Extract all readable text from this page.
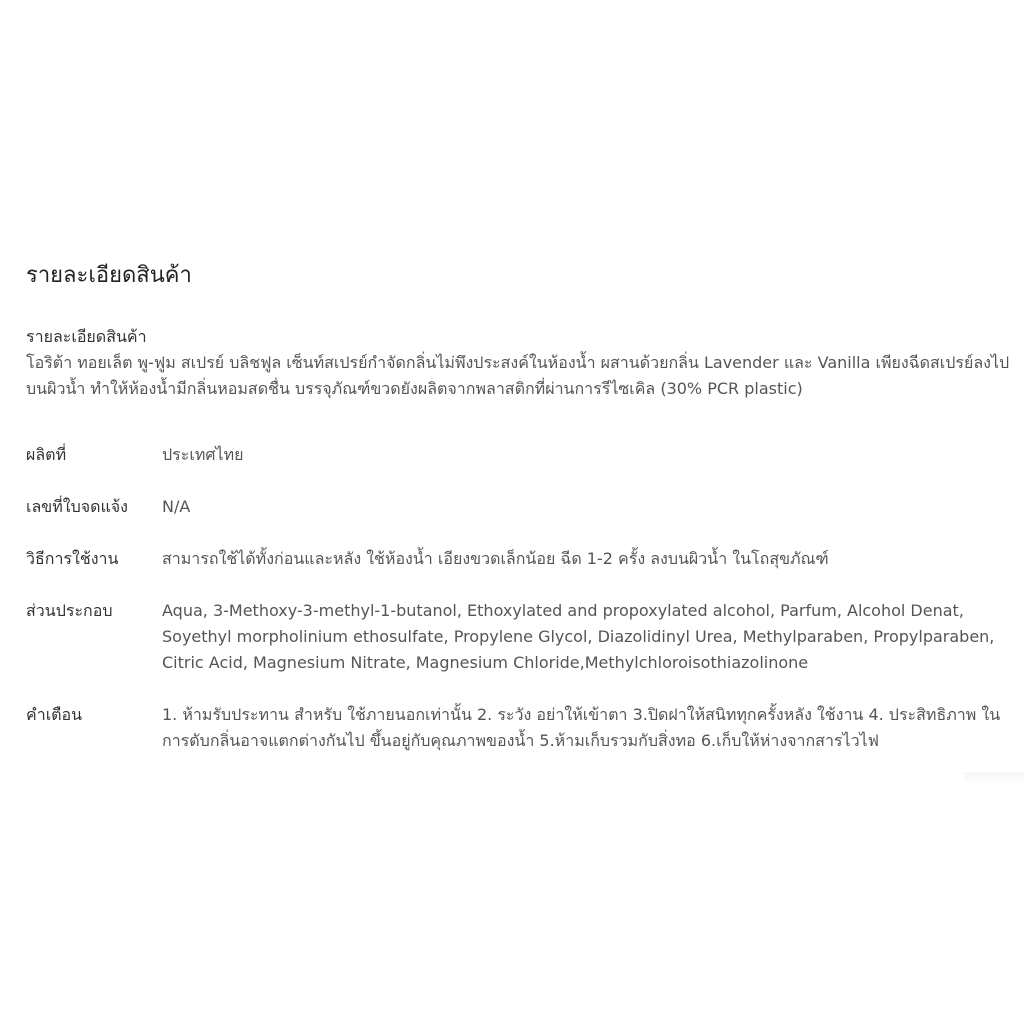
รายละเอียดสินค้า
รายละเอียดสินค้า

โอริต้า ทอยเล็ต พู-ฟูม สเปรย์ บลิชฟูล เซ็นท์สเปรย์กำจัดกลิ่นไม่พึงประสงค์ในห้องน้ำ ผสานด้วยกลิ่น Lavender และ Vanilla เพียงฉีดสเปรย์ลงไปบนผิวน้ำ ทำให้ห้องน้ำมีกลิ่นหอมสดชื่น บรรจุภัณฑ์ขวดยังผลิตจากพลาสติกที่ผ่านการรีไซเคิล (30% PCR plastic)

ผลิตที่	ประเทศไทย
เลขที่ใบจดแจ้ง	N/A
วิธีการใช้งาน	สามารถใช้ได้ทั้งก่อนและหลัง ใช้ห้องน้ำ เอียงขวดเล็กน้อย ฉีด 1-2 ครั้ง ลงบนผิวน้ำ ในโถสุขภัณฑ์
ส่วนประกอบ	Aqua, 3-Methoxy-3-methyl-1-butanol, Ethoxylated and propoxylated alcohol, Parfum, Alcohol Denat, Soyethyl morpholinium ethosulfate, Propylene Glycol, Diazolidinyl Urea, Methylparaben, Propylparaben, Citric Acid, Magnesium Nitrate, Magnesium Chloride,Methylchloroisothiazolinone
คำเตือน	1. ห้ามรับประทาน สำหรับ ใช้ภายนอกเท่านั้น 2. ระวัง อย่าให้เข้าตา 3.ปิดฝาให้สนิททุกครั้งหลัง ใช้งาน 4. ประสิทธิภาพ ในการดับกลิ่นอาจแตกต่างกันไป ขึ้นอยู่กับคุณภาพของน้ำ 5.ห้ามเก็บรวมกับสิ่งทอ 6.เก็บให้ห่างจากสารไวไฟ
